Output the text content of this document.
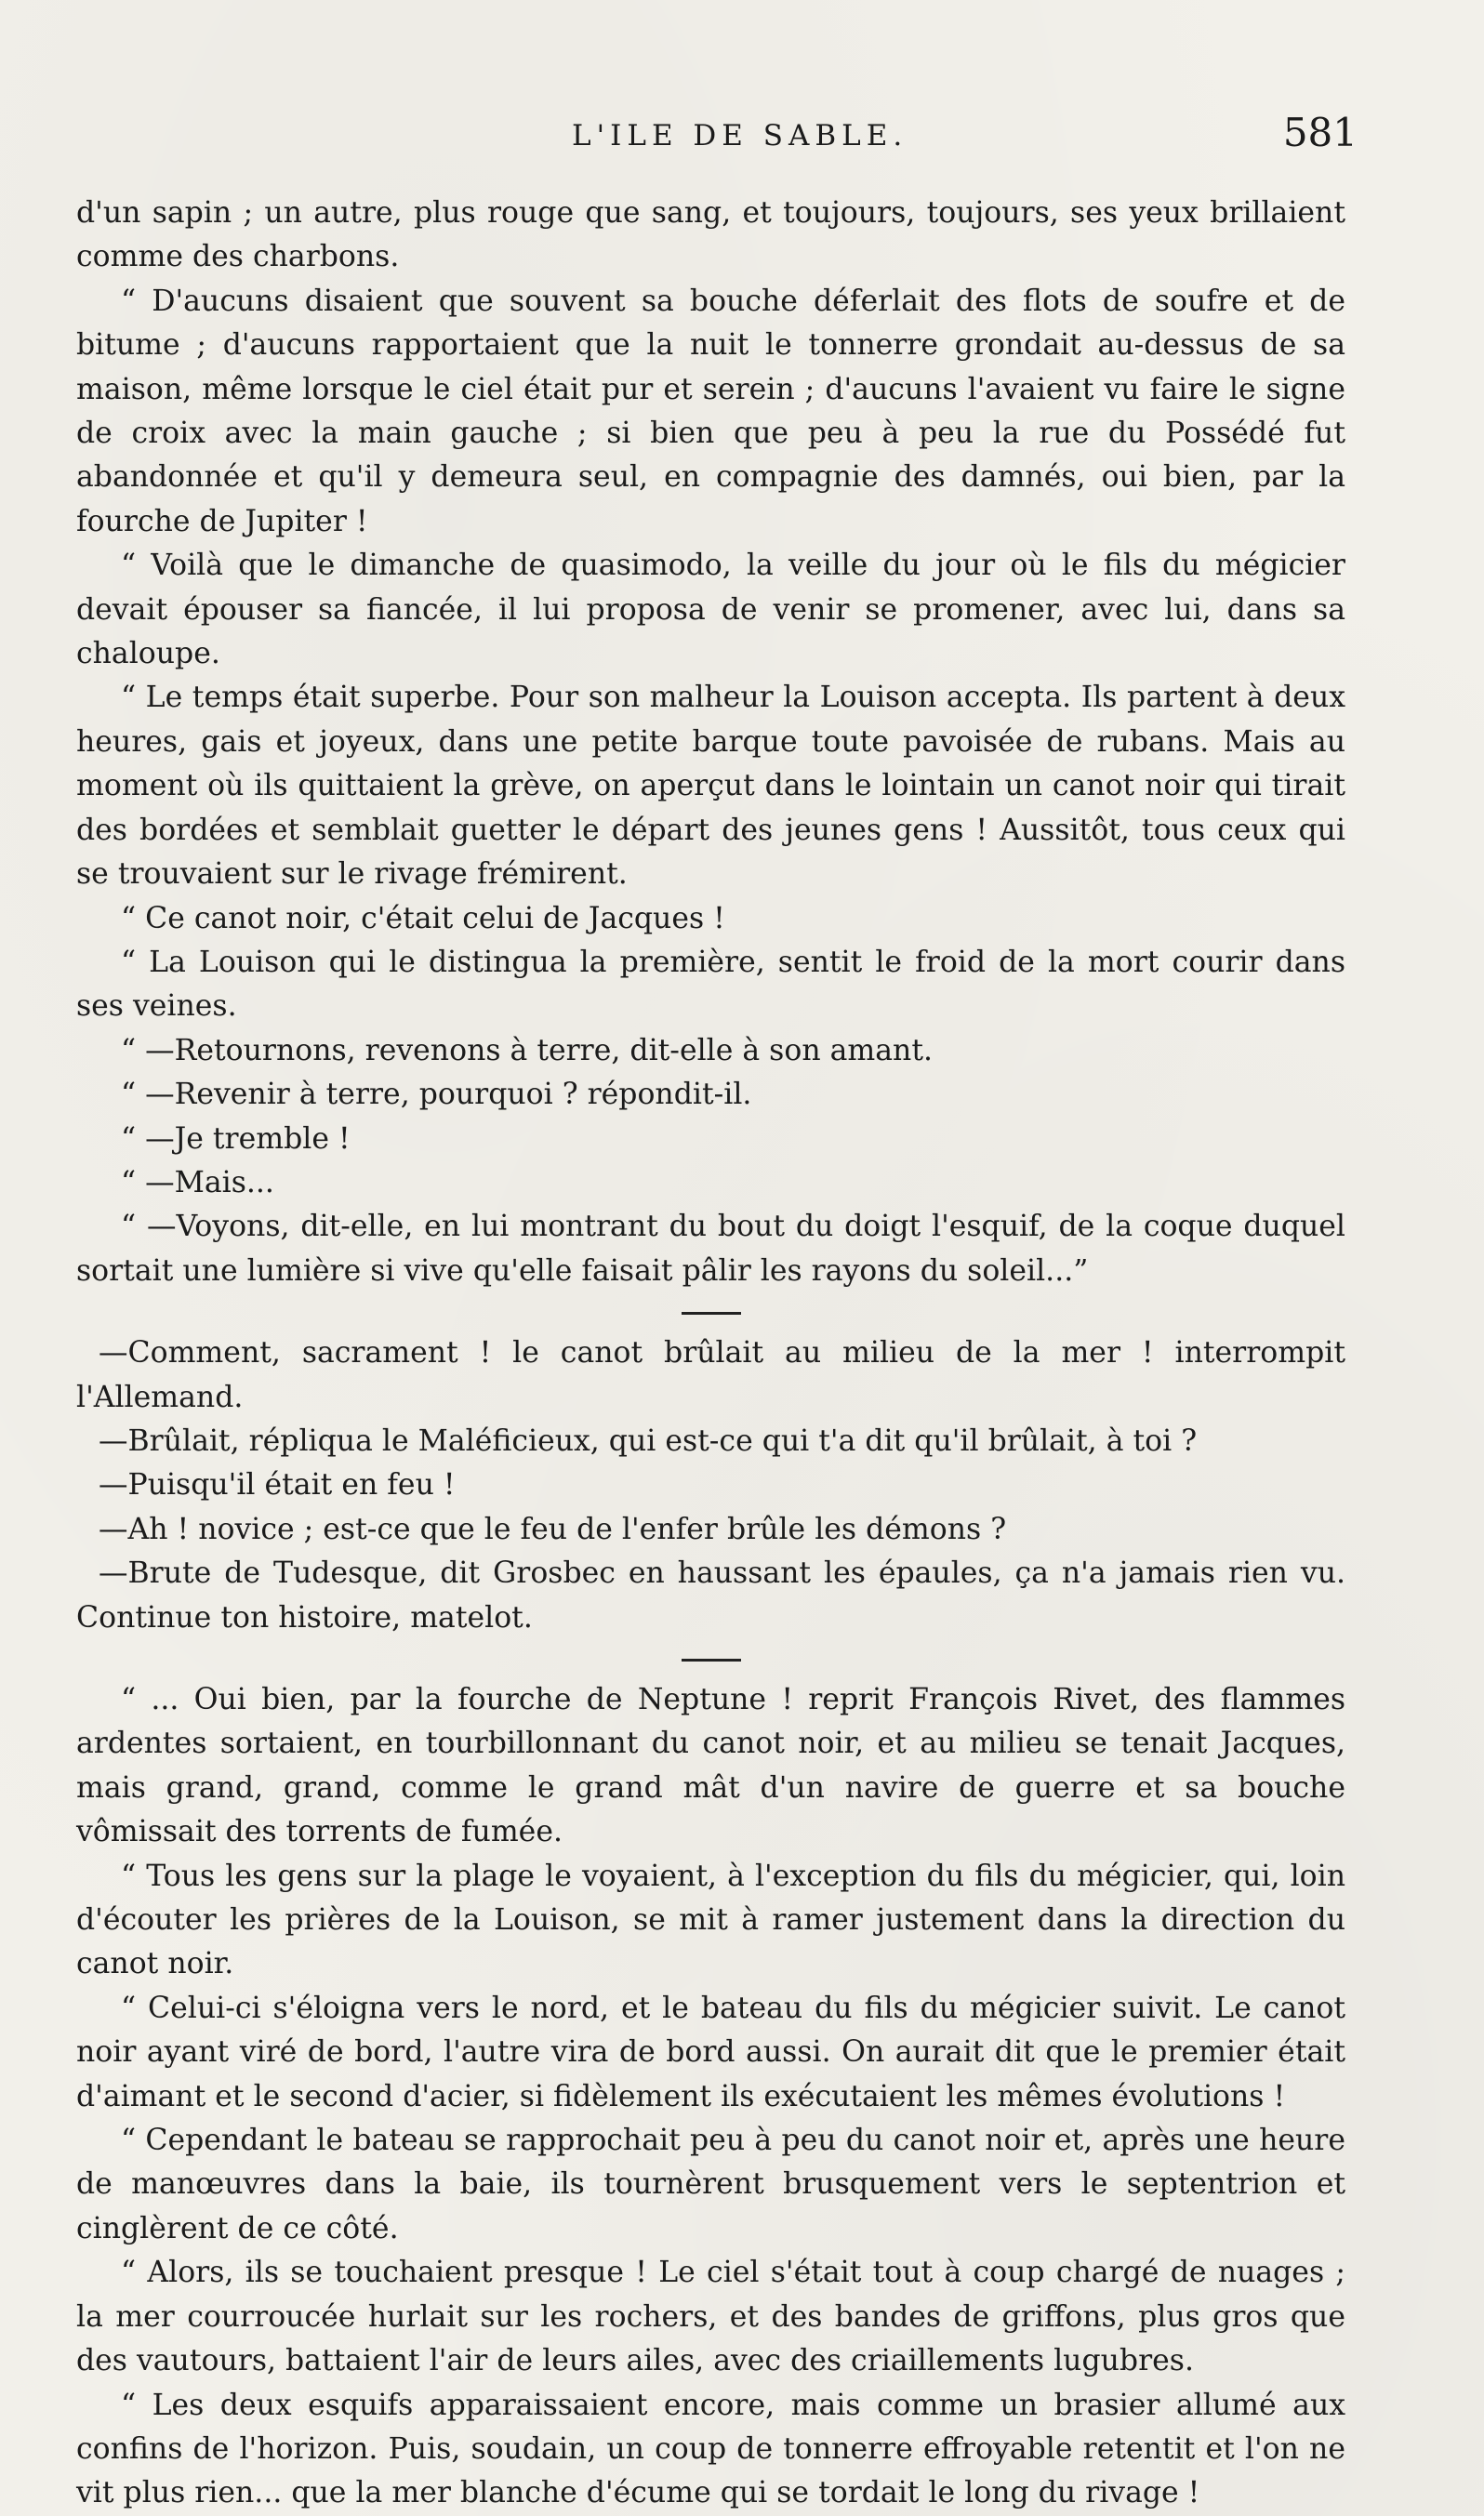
L'ILE DE SABLE.	581

d'un sapin ; un autre, plus rouge que sang, et toujours, toujours, ses yeux brillaient comme des charbons.

“ D'aucuns disaient que souvent sa bouche déferlait des flots de soufre et de bitume ; d'aucuns rapportaient que la nuit le tonnerre grondait au-dessus de sa maison, même lorsque le ciel était pur et serein ; d'aucuns l'avaient vu faire le signe de croix avec la main gauche ; si bien que peu à peu la rue du Possédé fut abandonnée et qu'il y demeura seul, en compagnie des damnés, oui bien, par la fourche de Jupiter !

“ Voilà que le dimanche de quasimodo, la veille du jour où le fils du mégicier devait épouser sa fiancée, il lui proposa de venir se promener, avec lui, dans sa chaloupe.

“ Le temps était superbe. Pour son malheur la Louison accepta. Ils partent à deux heures, gais et joyeux, dans une petite barque toute pavoisée de rubans. Mais au moment où ils quittaient la grève, on aperçut dans le lointain un canot noir qui tirait des bordées et semblait guetter le départ des jeunes gens ! Aussitôt, tous ceux qui se trouvaient sur le rivage frémirent.

“ Ce canot noir, c'était celui de Jacques !

“ La Louison qui le distingua la première, sentit le froid de la mort courir dans ses veines.

“ —Retournons, revenons à terre, dit-elle à son amant.

“ —Revenir à terre, pourquoi ? répondit-il.

“ —Je tremble !

“ —Mais...

“ —Voyons, dit-elle, en lui montrant du bout du doigt l'esquif, de la coque duquel sortait une lumière si vive qu'elle faisait pâlir les rayons du soleil...”

—Comment, sacrament ! le canot brûlait au milieu de la mer ! interrompit l'Allemand.

—Brûlait, répliqua le Maléficieux, qui est-ce qui t'a dit qu'il brûlait, à toi ?

—Puisqu'il était en feu !

—Ah ! novice ; est-ce que le feu de l'enfer brûle les démons ?

—Brute de Tudesque, dit Grosbec en haussant les épaules, ça n'a jamais rien vu. Continue ton histoire, matelot.

“ ... Oui bien, par la fourche de Neptune ! reprit François Rivet, des flammes ardentes sortaient, en tourbillonnant du canot noir, et au milieu se tenait Jacques, mais grand, grand, comme le grand mât d'un navire de guerre et sa bouche vômissait des torrents de fumée.

“ Tous les gens sur la plage le voyaient, à l'exception du fils du mégicier, qui, loin d'écouter les prières de la Louison, se mit à ramer justement dans la direction du canot noir.

“ Celui-ci s'éloigna vers le nord, et le bateau du fils du mégicier suivit. Le canot noir ayant viré de bord, l'autre vira de bord aussi. On aurait dit que le premier était d'aimant et le second d'acier, si fidèlement ils exécutaient les mêmes évolutions !

“ Cependant le bateau se rapprochait peu à peu du canot noir et, après une heure de manœuvres dans la baie, ils tournèrent brusquement vers le septentrion et cinglèrent de ce côté.

“ Alors, ils se touchaient presque ! Le ciel s'était tout à coup chargé de nuages ; la mer courroucée hurlait sur les rochers, et des bandes de griffons, plus gros que des vautours, battaient l'air de leurs ailes, avec des criaillements lugubres.

“ Les deux esquifs apparaissaient encore, mais comme un brasier allumé aux confins de l'horizon. Puis, soudain, un coup de tonnerre effroyable retentit et l'on ne vit plus rien... que la mer blanche d'écume qui se tordait le long du rivage !
